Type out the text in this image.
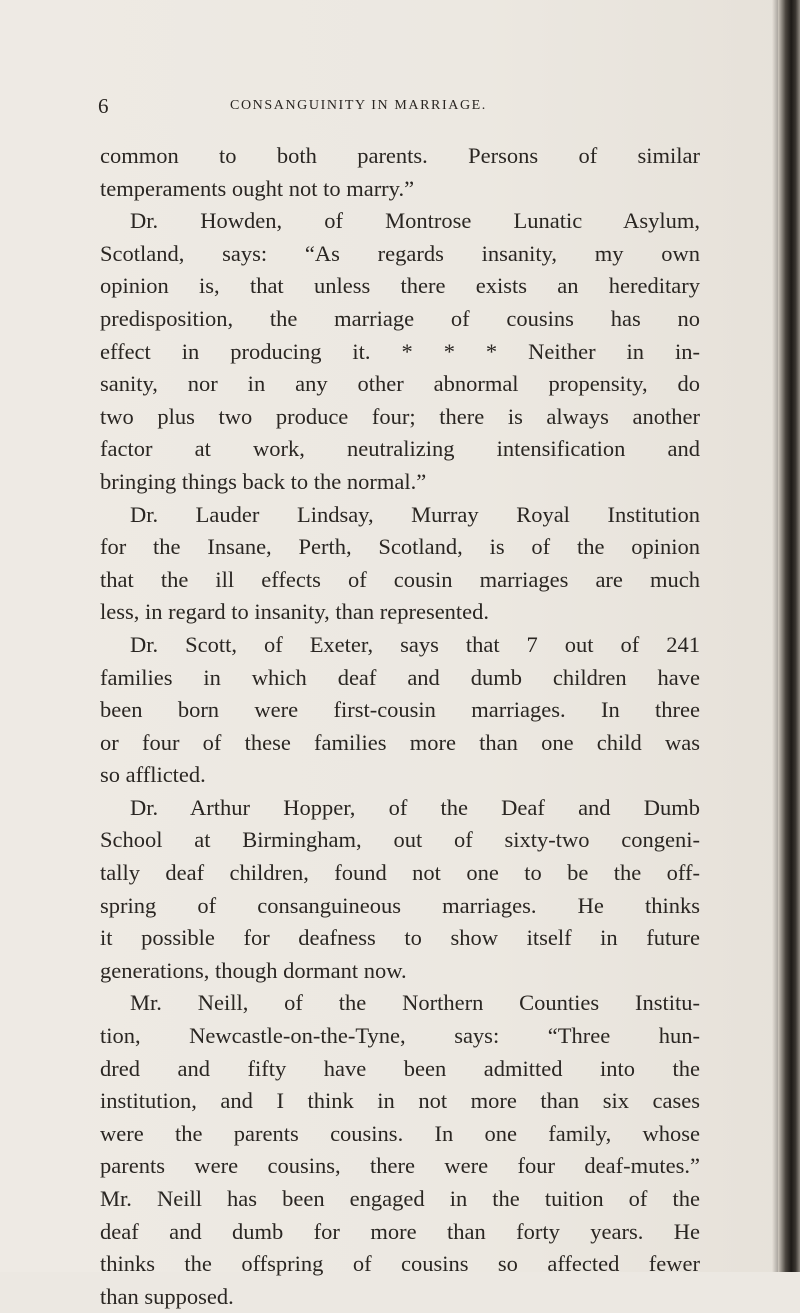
6	CONSANGUINITY IN MARRIAGE.
common to both parents. Persons of similar
temperaments ought not to marry.”
Dr. Howden, of Montrose Lunatic Asylum,
Scotland, says: “As regards insanity, my own
opinion is, that unless there exists an hereditary
predisposition, the marriage of cousins has no
effect in producing it. * * * Neither in in-
sanity, nor in any other abnormal propensity, do
two plus two produce four; there is always another
factor at work, neutralizing intensification and
bringing things back to the normal.”
Dr. Lauder Lindsay, Murray Royal Institution
for the Insane, Perth, Scotland, is of the opinion
that the ill effects of cousin marriages are much
less, in regard to insanity, than represented.
Dr. Scott, of Exeter, says that 7 out of 241
families in which deaf and dumb children have
been born were first-cousin marriages. In three
or four of these families more than one child was
so afflicted.
Dr. Arthur Hopper, of the Deaf and Dumb
School at Birmingham, out of sixty-two congeni-
tally deaf children, found not one to be the off-
spring of consanguineous marriages. He thinks
it possible for deafness to show itself in future
generations, though dormant now.
Mr. Neill, of the Northern Counties Institu-
tion, Newcastle-on-the-Tyne, says: “Three hun-
dred and fifty have been admitted into the
institution, and I think in not more than six cases
were the parents cousins. In one family, whose
parents were cousins, there were four deaf-mutes.”
Mr. Neill has been engaged in the tuition of the
deaf and dumb for more than forty years. He
thinks the offspring of cousins so affected fewer
than supposed.
